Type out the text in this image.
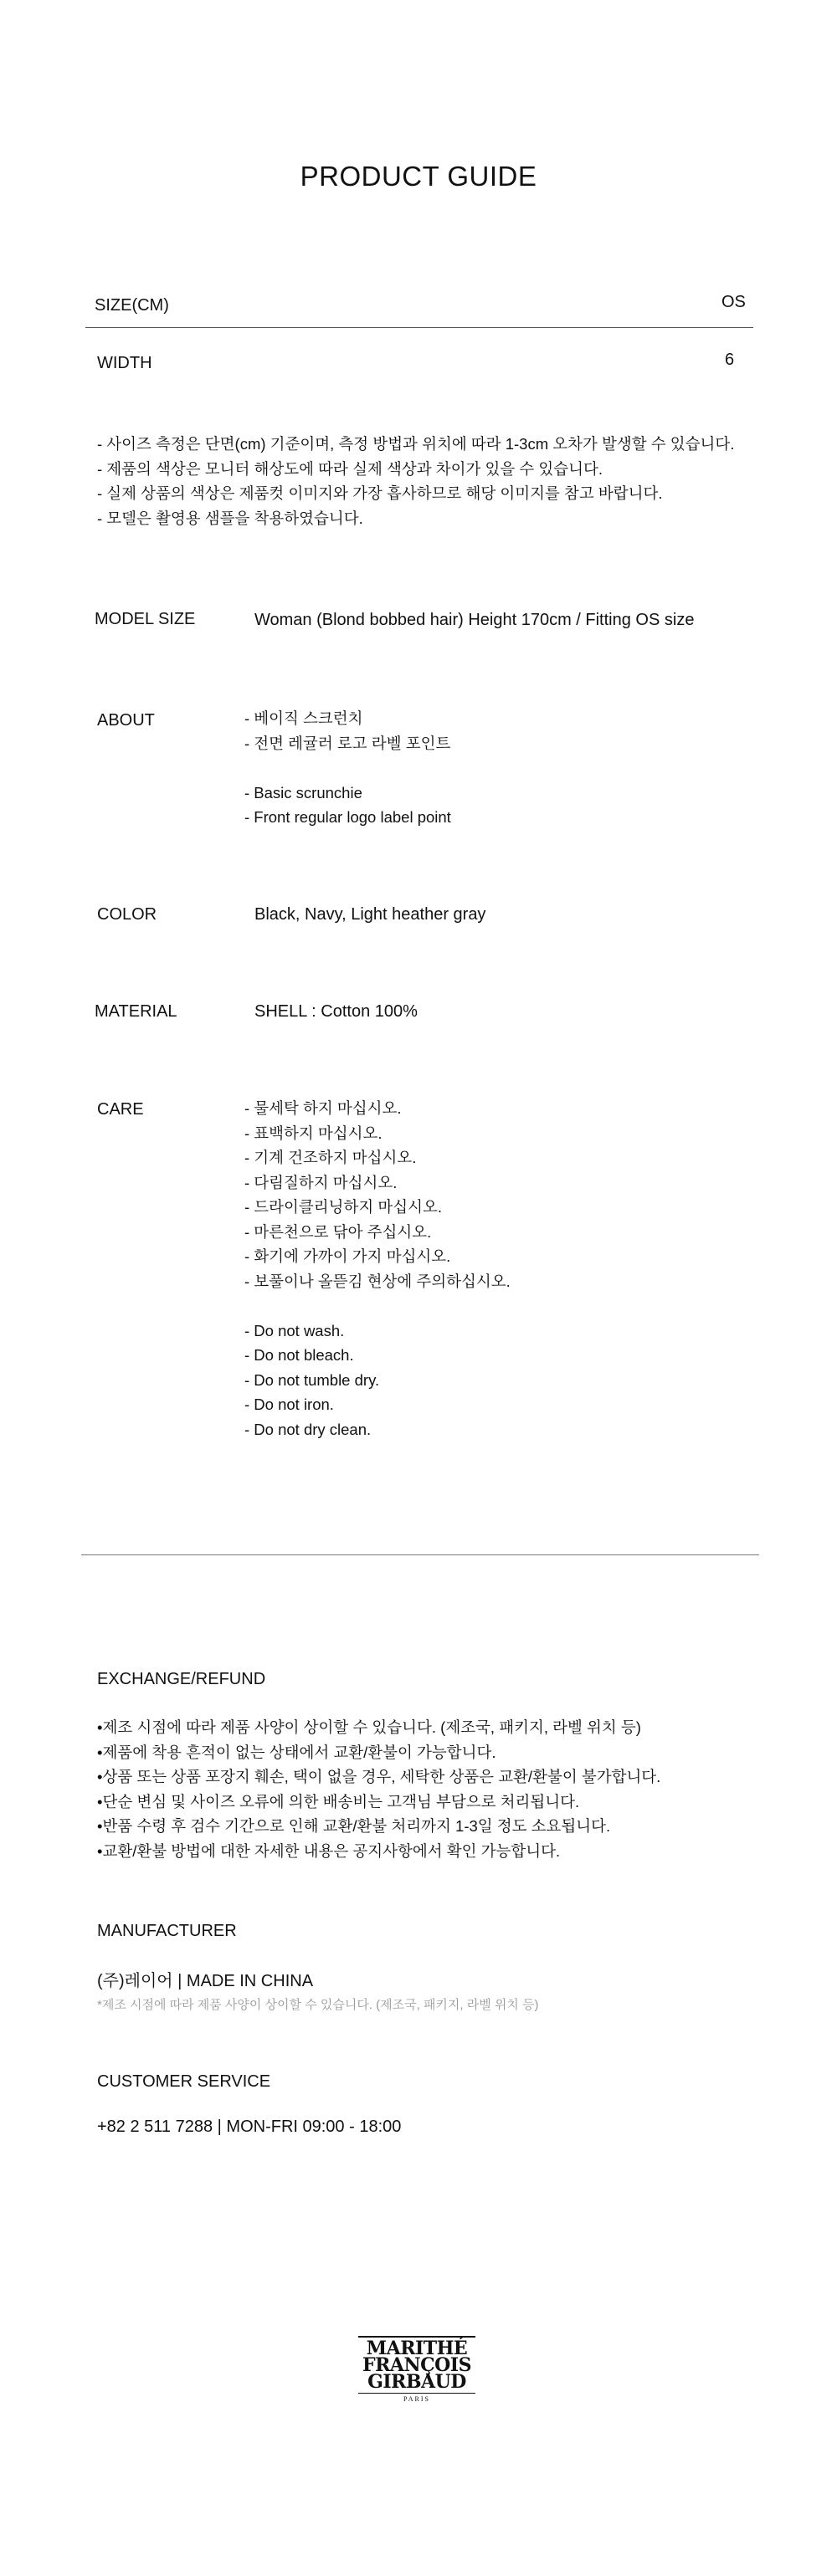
PRODUCT GUIDE
SIZE(CM)	OS
WIDTH	6
- 사이즈 측정은 단면(cm) 기준이며, 측정 방법과 위치에 따라 1-3cm 오차가 발생할 수 있습니다.
- 제품의 색상은 모니터 해상도에 따라 실제 색상과 차이가 있을 수 있습니다.
- 실제 상품의 색상은 제품컷 이미지와 가장 흡사하므로 해당 이미지를 참고 바랍니다.
- 모델은 촬영용 샘플을 착용하였습니다.
MODEL SIZE	Woman (Blond bobbed hair) Height 170cm / Fitting OS size
ABOUT	- 베이직 스크런치
- 전면 레귤러 로고 라벨 포인트
- Basic scrunchie
- Front regular logo label point
COLOR	Black, Navy, Light heather gray
MATERIAL	SHELL : Cotton 100%
CARE	- 물세탁 하지 마십시오.
- 표백하지 마십시오.
- 기계 건조하지 마십시오.
- 다림질하지 마십시오.
- 드라이클리닝하지 마십시오.
- 마른천으로 닦아 주십시오.
- 화기에 가까이 가지 마십시오.
- 보풀이나 올뜯김 현상에 주의하십시오.
- Do not wash.
- Do not bleach.
- Do not tumble dry.
- Do not iron.
- Do not dry clean.
EXCHANGE/REFUND
•제조 시점에 따라 제품 사양이 상이할 수 있습니다. (제조국, 패키지, 라벨 위치 등)
•제품에 착용 흔적이 없는 상태에서 교환/환불이 가능합니다.
•상품 또는 상품 포장지 훼손, 택이 없을 경우, 세탁한 상품은 교환/환불이 불가합니다.
•단순 변심 및 사이즈 오류에 의한 배송비는 고객님 부담으로 처리됩니다.
•반품 수령 후 검수 기간으로 인해 교환/환불 처리까지 1-3일 정도 소요됩니다.
•교환/환불 방법에 대한 자세한 내용은 공지사항에서 확인 가능합니다.
MANUFACTURER
(주)레이어 | MADE IN CHINA
*제조 시점에 따라 제품 사양이 상이할 수 있습니다. (제조국, 패키지, 라벨 위치 등)
CUSTOMER SERVICE
+82 2 511 7288 | MON-FRI 09:00 - 18:00
MARITHÉ
FRANÇOIS
GIRBAUD
PARIS
